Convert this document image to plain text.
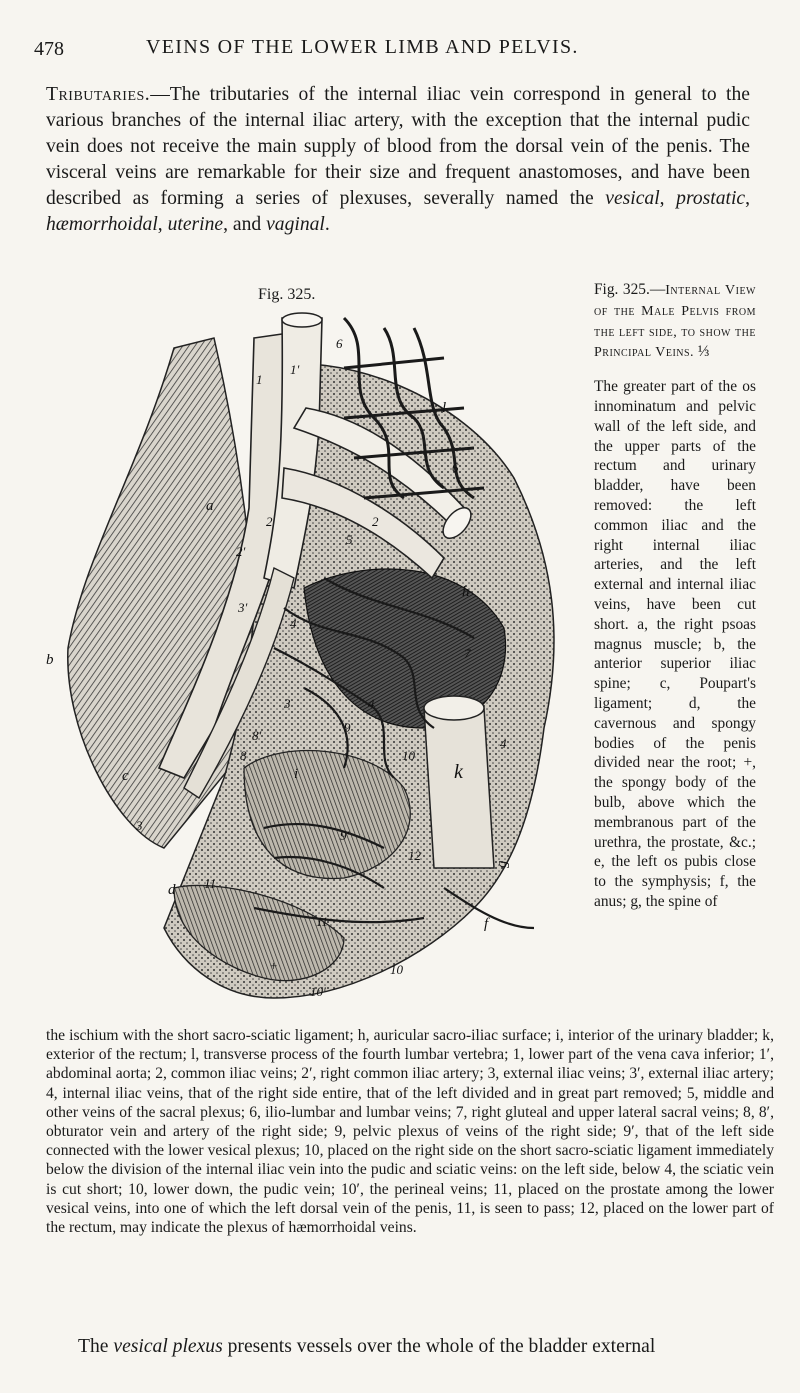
478	VEINS OF THE LOWER LIMB AND PELVIS.

Tributaries.—The tributaries of the internal iliac vein correspond in general to the various branches of the internal iliac artery, with the exception that the internal pudic vein does not receive the main supply of blood from the dorsal vein of the penis. The visceral veins are remarkable for their size and frequent anastomoses, and have been described as forming a series of plexuses, severally named the vesical, prostatic, hæmorrhoidal, uterine, and vaginal.

Fig. 325.
a
b
c
d
f
g
h
i	k
l
1
1′
2	2
2′
3
3
3′
4
4
4
5
6
6
7
8
8′
9
9′
10
10
10′
11
11
12
+

Fig. 325.—Internal View of the Male Pelvis from the left side, to show the Principal Veins. ⅓

The greater part of the os innominatum and pelvic wall of the left side, and the upper parts of the rectum and urinary bladder, have been removed: the left common iliac and the right internal iliac arteries, and the left external and internal iliac veins, have been cut short. a, the right psoas magnus muscle; b, the anterior superior iliac spine; c, Poupart's ligament; d, the cavernous and spongy bodies of the penis divided near the root; +, the spongy body of the bulb, above which the membranous part of the urethra, the prostate, &c.; e, the left os pubis close to the symphysis; f, the anus; g, the spine of

the ischium with the short sacro-sciatic ligament; h, auricular sacro-iliac surface; i, interior of the urinary bladder; k, exterior of the rectum; l, transverse process of the fourth lumbar vertebra; 1, lower part of the vena cava inferior; 1′, abdominal aorta; 2, common iliac veins; 2′, right common iliac artery; 3, external iliac veins; 3′, external iliac artery; 4, internal iliac veins, that of the right side entire, that of the left divided and in great part removed; 5, middle and other veins of the sacral plexus; 6, ilio-lumbar and lumbar veins; 7, right gluteal and upper lateral sacral veins; 8, 8′, obturator vein and artery of the right side; 9, pelvic plexus of veins of the right side; 9′, that of the left side connected with the lower vesical plexus; 10, placed on the right side on the short sacro-sciatic ligament immediately below the division of the internal iliac vein into the pudic and sciatic veins: on the left side, below 4, the sciatic vein is cut short; 10, lower down, the pudic vein; 10′, the perineal veins; 11, placed on the prostate among the lower vesical veins, into one of which the left dorsal vein of the penis, 11, is seen to pass; 12, placed on the lower part of the rectum, may indicate the plexus of hæmorrhoidal veins.

The vesical plexus presents vessels over the whole of the bladder external
